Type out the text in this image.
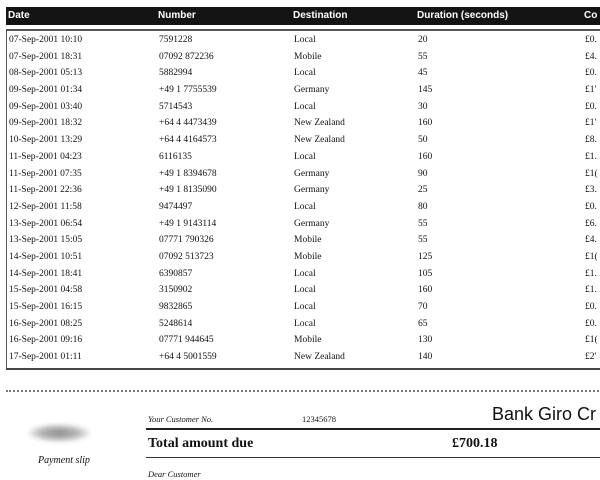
Date	Number	Destination	Duration (seconds)	Co
07-Sep-2001 10:10	7591228	Local	20	£0.
07-Sep-2001 18:31	07092 872236	Mobile	55	£4.
08-Sep-2001 05:13	5882994	Local	45	£0.
09-Sep-2001 01:34	+49 1 7755539	Germany	145	£1'
09-Sep-2001 03:40	5714543	Local	30	£0.
09-Sep-2001 18:32	+64 4 4473439	New Zealand	160	£1'
10-Sep-2001 13:29	+64 4 4164573	New Zealand	50	£8.
11-Sep-2001 04:23	6116135	Local	160	£1.
11-Sep-2001 07:35	+49 1 8394678	Germany	90	£1(
11-Sep-2001 22:36	+49 1 8135090	Germany	25	£3.
12-Sep-2001 11:58	9474497	Local	80	£0.
13-Sep-2001 06:54	+49 1 9143114	Germany	55	£6.
13-Sep-2001 15:05	07771 790326	Mobile	55	£4.
14-Sep-2001 10:51	07092 513723	Mobile	125	£1(
14-Sep-2001 18:41	6390857	Local	105	£1.
15-Sep-2001 04:58	3150902	Local	160	£1.
15-Sep-2001 16:15	9832865	Local	70	£0.
16-Sep-2001 08:25	5248614	Local	65	£0.
16-Sep-2001 09:16	07771 944645	Mobile	130	£1(
17-Sep-2001 01:11	+64 4 5001559	New Zealand	140	£2'
Payment slip
Your Customer No.	12345678	Bank Giro Cr
Total amount due	£700.18
Dear Customer
